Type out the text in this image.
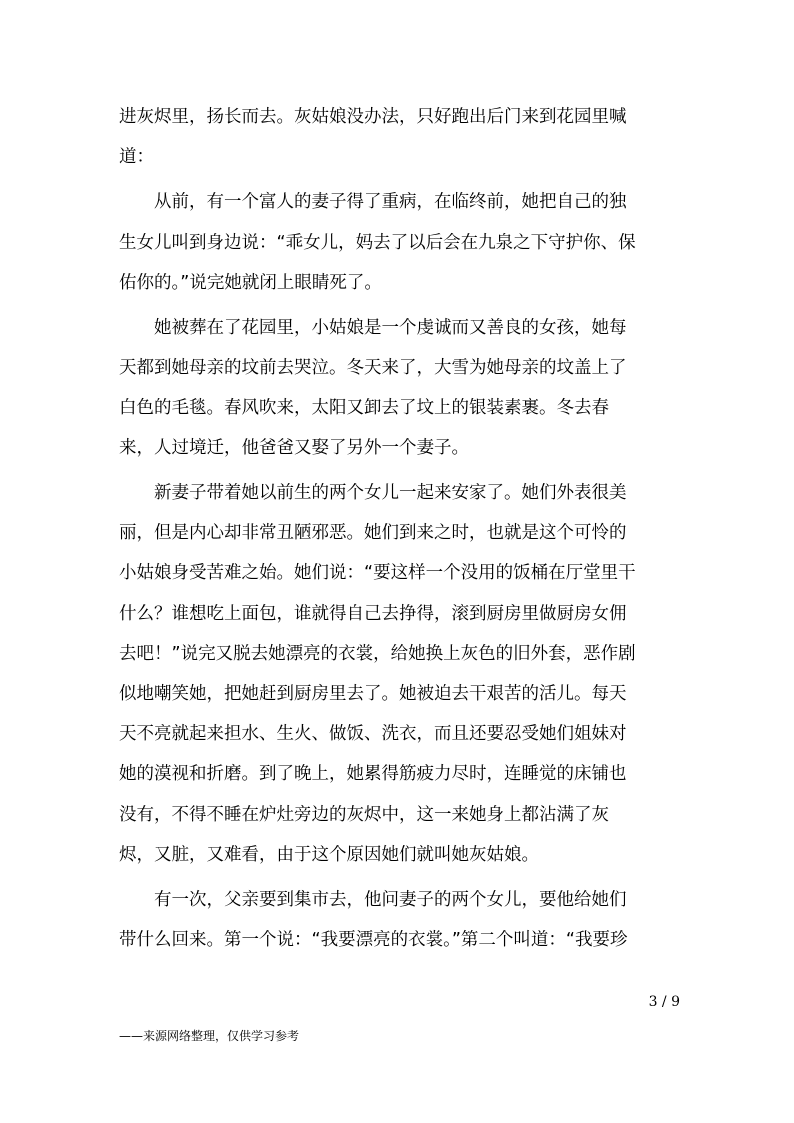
进灰烬里，扬长而去。灰姑娘没办法，只好跑出后门来到花园里喊
道：
　　从前，有一个富人的妻子得了重病，在临终前，她把自己的独
生女儿叫到身边说：“乖女儿，妈去了以后会在九泉之下守护你、保
佑你的。”说完她就闭上眼睛死了。
　　她被葬在了花园里，小姑娘是一个虔诚而又善良的女孩，她每
天都到她母亲的坟前去哭泣。冬天来了，大雪为她母亲的坟盖上了
白色的毛毯。春风吹来，太阳又卸去了坟上的银装素裹。冬去春
来，人过境迁，他爸爸又娶了另外一个妻子。
　　新妻子带着她以前生的两个女儿一起来安家了。她们外表很美
丽，但是内心却非常丑陋邪恶。她们到来之时，也就是这个可怜的
小姑娘身受苦难之始。她们说：“要这样一个没用的饭桶在厅堂里干
什么？谁想吃上面包，谁就得自己去挣得，滚到厨房里做厨房女佣
去吧！”说完又脱去她漂亮的衣裳，给她换上灰色的旧外套，恶作剧
似地嘲笑她，把她赶到厨房里去了。她被迫去干艰苦的活儿。每天
天不亮就起来担水、生火、做饭、洗衣，而且还要忍受她们姐妹对
她的漠视和折磨。到了晚上，她累得筋疲力尽时，连睡觉的床铺也
没有，不得不睡在炉灶旁边的灰烬中，这一来她身上都沾满了灰
烬，又脏，又难看，由于这个原因她们就叫她灰姑娘。
　　有一次，父亲要到集市去，他问妻子的两个女儿，要他给她们
带什么回来。第一个说：“我要漂亮的衣裳。”第二个叫道：“我要珍
3 / 9
——来源网络整理，仅供学习参考
